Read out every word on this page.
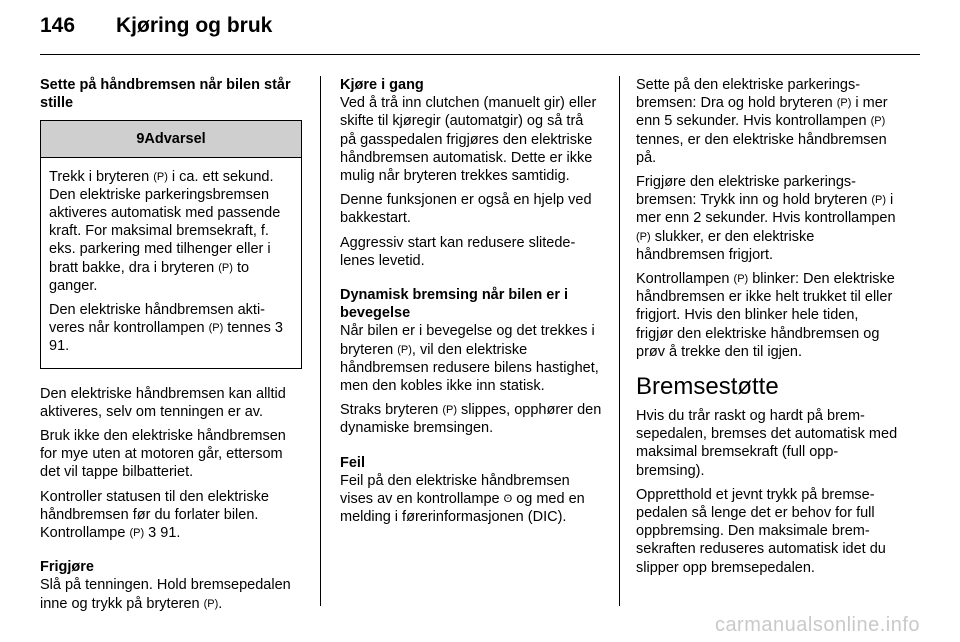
146 Kjøring og bruk
Sette på håndbremsen når bilen står stille
9Advarsel

Trekk i bryteren (P) i ca. ett sekund. Den elektriske parkeringsbremsen aktiveres automatisk med passende kraft. For maksimal bremsekraft, f. eks. parkering med tilhenger eller i bratt bakke, dra i bryteren (P) to ganger.

Den elektriske håndbremsen aktiveres når kontrollampen (P) tennes 3 91.

Den elektriske håndbremsen kan alltid aktiveres, selv om tenningen er av.

Bruk ikke den elektriske håndbremsen for mye uten at motoren går, ettersom det vil tappe bilbatteriet.

Kontroller statusen til den elektriske håndbremsen før du forlater bilen.
Kontrollampe (P) 3 91.

Frigjøre

Slå på tenningen. Hold bremsepedalen inne og trykk på bryteren (P).

Kjøre i gang

Ved å trå inn clutchen (manuelt gir) eller skifte til kjøregir (automatgir) og så trå på gasspedalen frigjøres den elektriske håndbremsen automatisk. Dette er ikke mulig når bryteren trekkes samtidig.

Denne funksjonen er også en hjelp ved bakkestart.

Aggressiv start kan redusere slitedelenes levetid.

Dynamisk bremsing når bilen er i bevegelse

Når bilen er i bevegelse og det trekkes i bryteren (P), vil den elektriske håndbremsen redusere bilens hastighet, men den kobles ikke inn statisk.

Straks bryteren (P) slippes, opphører den dynamiske bremsingen.

Feil

Feil på den elektriske håndbremsen vises av en kontrollampe ʘ og med en melding i førerinformasjonen (DIC).

Sette på den elektriske parkeringsbremsen: Dra og hold bryteren (P) i mer enn 5 sekunder. Hvis kontrollampen (P) tennes, er den elektriske håndbremsen på.

Frigjøre den elektriske parkeringsbremsen: Trykk inn og hold bryteren (P) i mer enn 2 sekunder. Hvis kontrollampen (P) slukker, er den elektriske håndbremsen frigjort.

Kontrollampen (P) blinker: Den elektriske håndbremsen er ikke helt trukket til eller frigjort. Hvis den blinker hele tiden, frigjør den elektriske håndbremsen og prøv å trekke den til igjen.

Bremsestøtte

Hvis du trår raskt og hardt på bremsepedalen, bremses det automatisk med maksimal bremsekraft (full oppbremsing).

Oppretthold et jevnt trykk på bremsepedalen så lenge det er behov for full oppbremsing. Den maksimale bremsekraften reduseres automatisk idet du slipper opp bremsepedalen.

carmanualsonline.info
